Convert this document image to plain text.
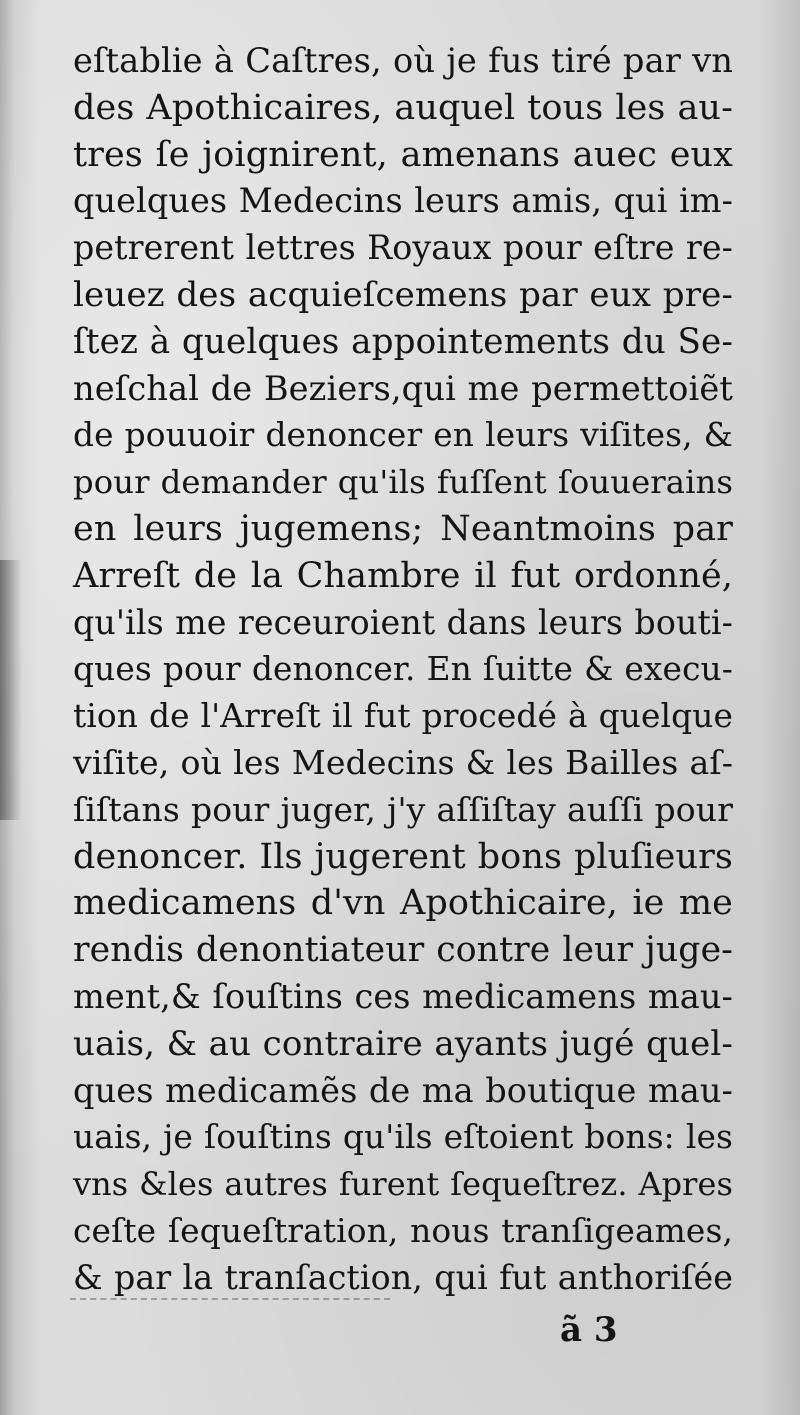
eſtablie à Caſtres, où je fus tiré par vn
des Apothicaires, auquel tous les au-
tres ſe joignirent, amenans auec eux
quelques Medecins leurs amis, qui im-
petrerent lettres Royaux pour eſtre re-
leuez des acquieſcemens par eux pre-
ſtez à quelques appointements du Se-
neſchal de Beziers,qui me permettoiẽt
de pouuoir denoncer en leurs viſites, &
pour demander qu'ils fuſſent ſouuerains
en leurs jugemens; Neantmoins par
Arreſt de la Chambre il fut ordonné,
qu'ils me receuroient dans leurs bouti-
ques pour denoncer. En ſuitte & execu-
tion de l'Arreſt il fut procedé à quelque
viſite, où les Medecins & les Bailles aſ-
ſiſtans pour juger, j'y aſſiſtay auſſi pour
denoncer. Ils jugerent bons pluſieurs
medicamens d'vn Apothicaire, ie me
rendis denontiateur contre leur juge-
ment,& ſouſtins ces medicamens mau-
uais, & au contraire ayants jugé quel-
ques medicamẽs de ma boutique mau-
uais, je ſouſtins qu'ils eſtoient bons: les
vns &les autres furent ſequeſtrez. Apres
ceſte ſequeſtration, nous tranſigeames,
& par la tranſaction, qui fut anthoriſée
ã 3
